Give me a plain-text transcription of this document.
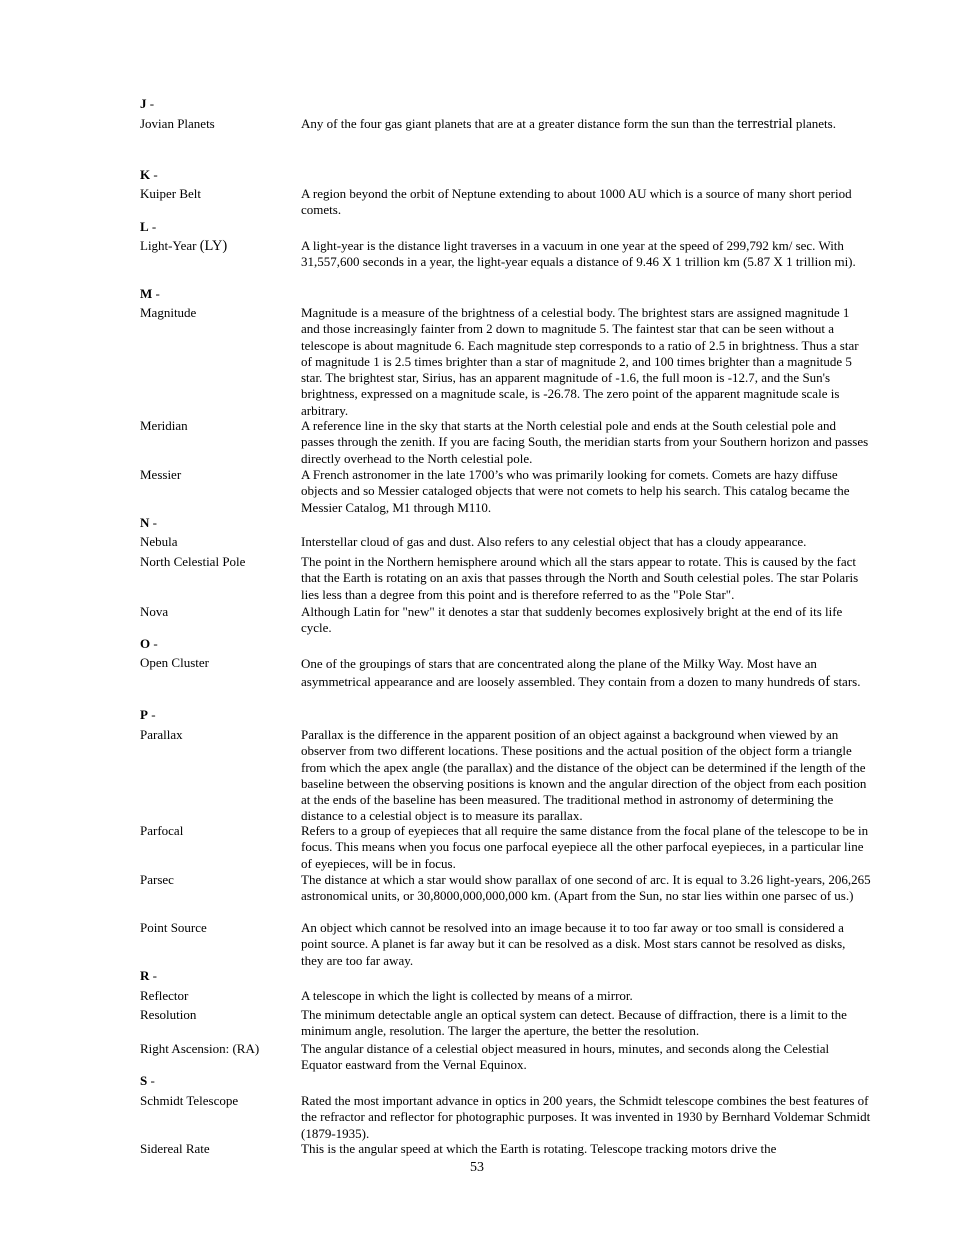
J -
Jovian Planets	Any of the four gas giant planets that are at a greater distance form the sun than the terrestrial planets.
K -
Kuiper Belt	A region beyond the orbit of Neptune extending to about 1000 AU which is a source of many short period comets.
L -
Light-Year (LY)	A light-year is the distance light traverses in a vacuum in one year at the speed of 299,792 km/ sec. With 31,557,600 seconds in a year, the light-year equals a distance of 9.46 X 1 trillion km (5.87 X 1 trillion mi).
M -
Magnitude	Magnitude is a measure of the brightness of a celestial body. The brightest stars are assigned magnitude 1 and those increasingly fainter from 2 down to magnitude 5. The faintest star that can be seen without a telescope is about magnitude 6. Each magnitude step corresponds to a ratio of 2.5 in brightness. Thus a star of magnitude 1 is 2.5 times brighter than a star of magnitude 2, and 100 times brighter than a magnitude 5 star. The brightest star, Sirius, has an apparent magnitude of -1.6, the full moon is -12.7, and the Sun's brightness, expressed on a magnitude scale, is -26.78. The zero point of the apparent magnitude scale is arbitrary.
Meridian	A reference line in the sky that starts at the North celestial pole and ends at the South celestial pole and passes through the zenith. If you are facing South, the meridian starts from your Southern horizon and passes directly overhead to the North celestial pole.
Messier	A French astronomer in the late 1700’s who was primarily looking for comets. Comets are hazy diffuse objects and so Messier cataloged objects that were not comets to help his search. This catalog became the Messier Catalog, M1 through M110.
N -
Nebula	Interstellar cloud of gas and dust. Also refers to any celestial object that has a cloudy appearance.
North Celestial Pole	The point in the Northern hemisphere around which all the stars appear to rotate. This is caused by the fact that the Earth is rotating on an axis that passes through the North and South celestial poles. The star Polaris lies less than a degree from this point and is therefore referred to as the "Pole Star".
Nova	Although Latin for "new" it denotes a star that suddenly becomes explosively bright at the end of its life cycle.
O -
Open Cluster	One of the groupings of stars that are concentrated along the plane of the Milky Way. Most have an asymmetrical appearance and are loosely assembled. They contain from a dozen to many hundreds of stars.
P -
Parallax	Parallax is the difference in the apparent position of an object against a background when viewed by an observer from two different locations. These positions and the actual position of the object form a triangle from which the apex angle (the parallax) and the distance of the object can be determined if the length of the baseline between the observing positions is known and the angular direction of the object from each position at the ends of the baseline has been measured. The traditional method in astronomy of determining the distance to a celestial object is to measure its parallax.
Parfocal	Refers to a group of eyepieces that all require the same distance from the focal plane of the telescope to be in focus. This means when you focus one parfocal eyepiece all the other parfocal eyepieces, in a particular line of eyepieces, will be in focus.
Parsec	The distance at which a star would show parallax of one second of arc. It is equal to 3.26 light-years, 206,265 astronomical units, or 30,8000,000,000,000 km. (Apart from the Sun, no star lies within one parsec of us.)
Point Source	An object which cannot be resolved into an image because it to too far away or too small is considered a point source. A planet is far away but it can be resolved as a disk. Most stars cannot be resolved as disks, they are too far away.
R -
Reflector	A telescope in which the light is collected by means of a mirror.
Resolution	The minimum detectable angle an optical system can detect. Because of diffraction, there is a limit to the minimum angle, resolution. The larger the aperture, the better the resolution.
Right Ascension: (RA)	The angular distance of a celestial object measured in hours, minutes, and seconds along the Celestial Equator eastward from the Vernal Equinox.
S -
Schmidt Telescope	Rated the most important advance in optics in 200 years, the Schmidt telescope combines the best features of the refractor and reflector for photographic purposes. It was invented in 1930 by Bernhard Voldemar Schmidt (1879-1935).
Sidereal Rate	This is the angular speed at which the Earth is rotating. Telescope tracking motors drive the
53
